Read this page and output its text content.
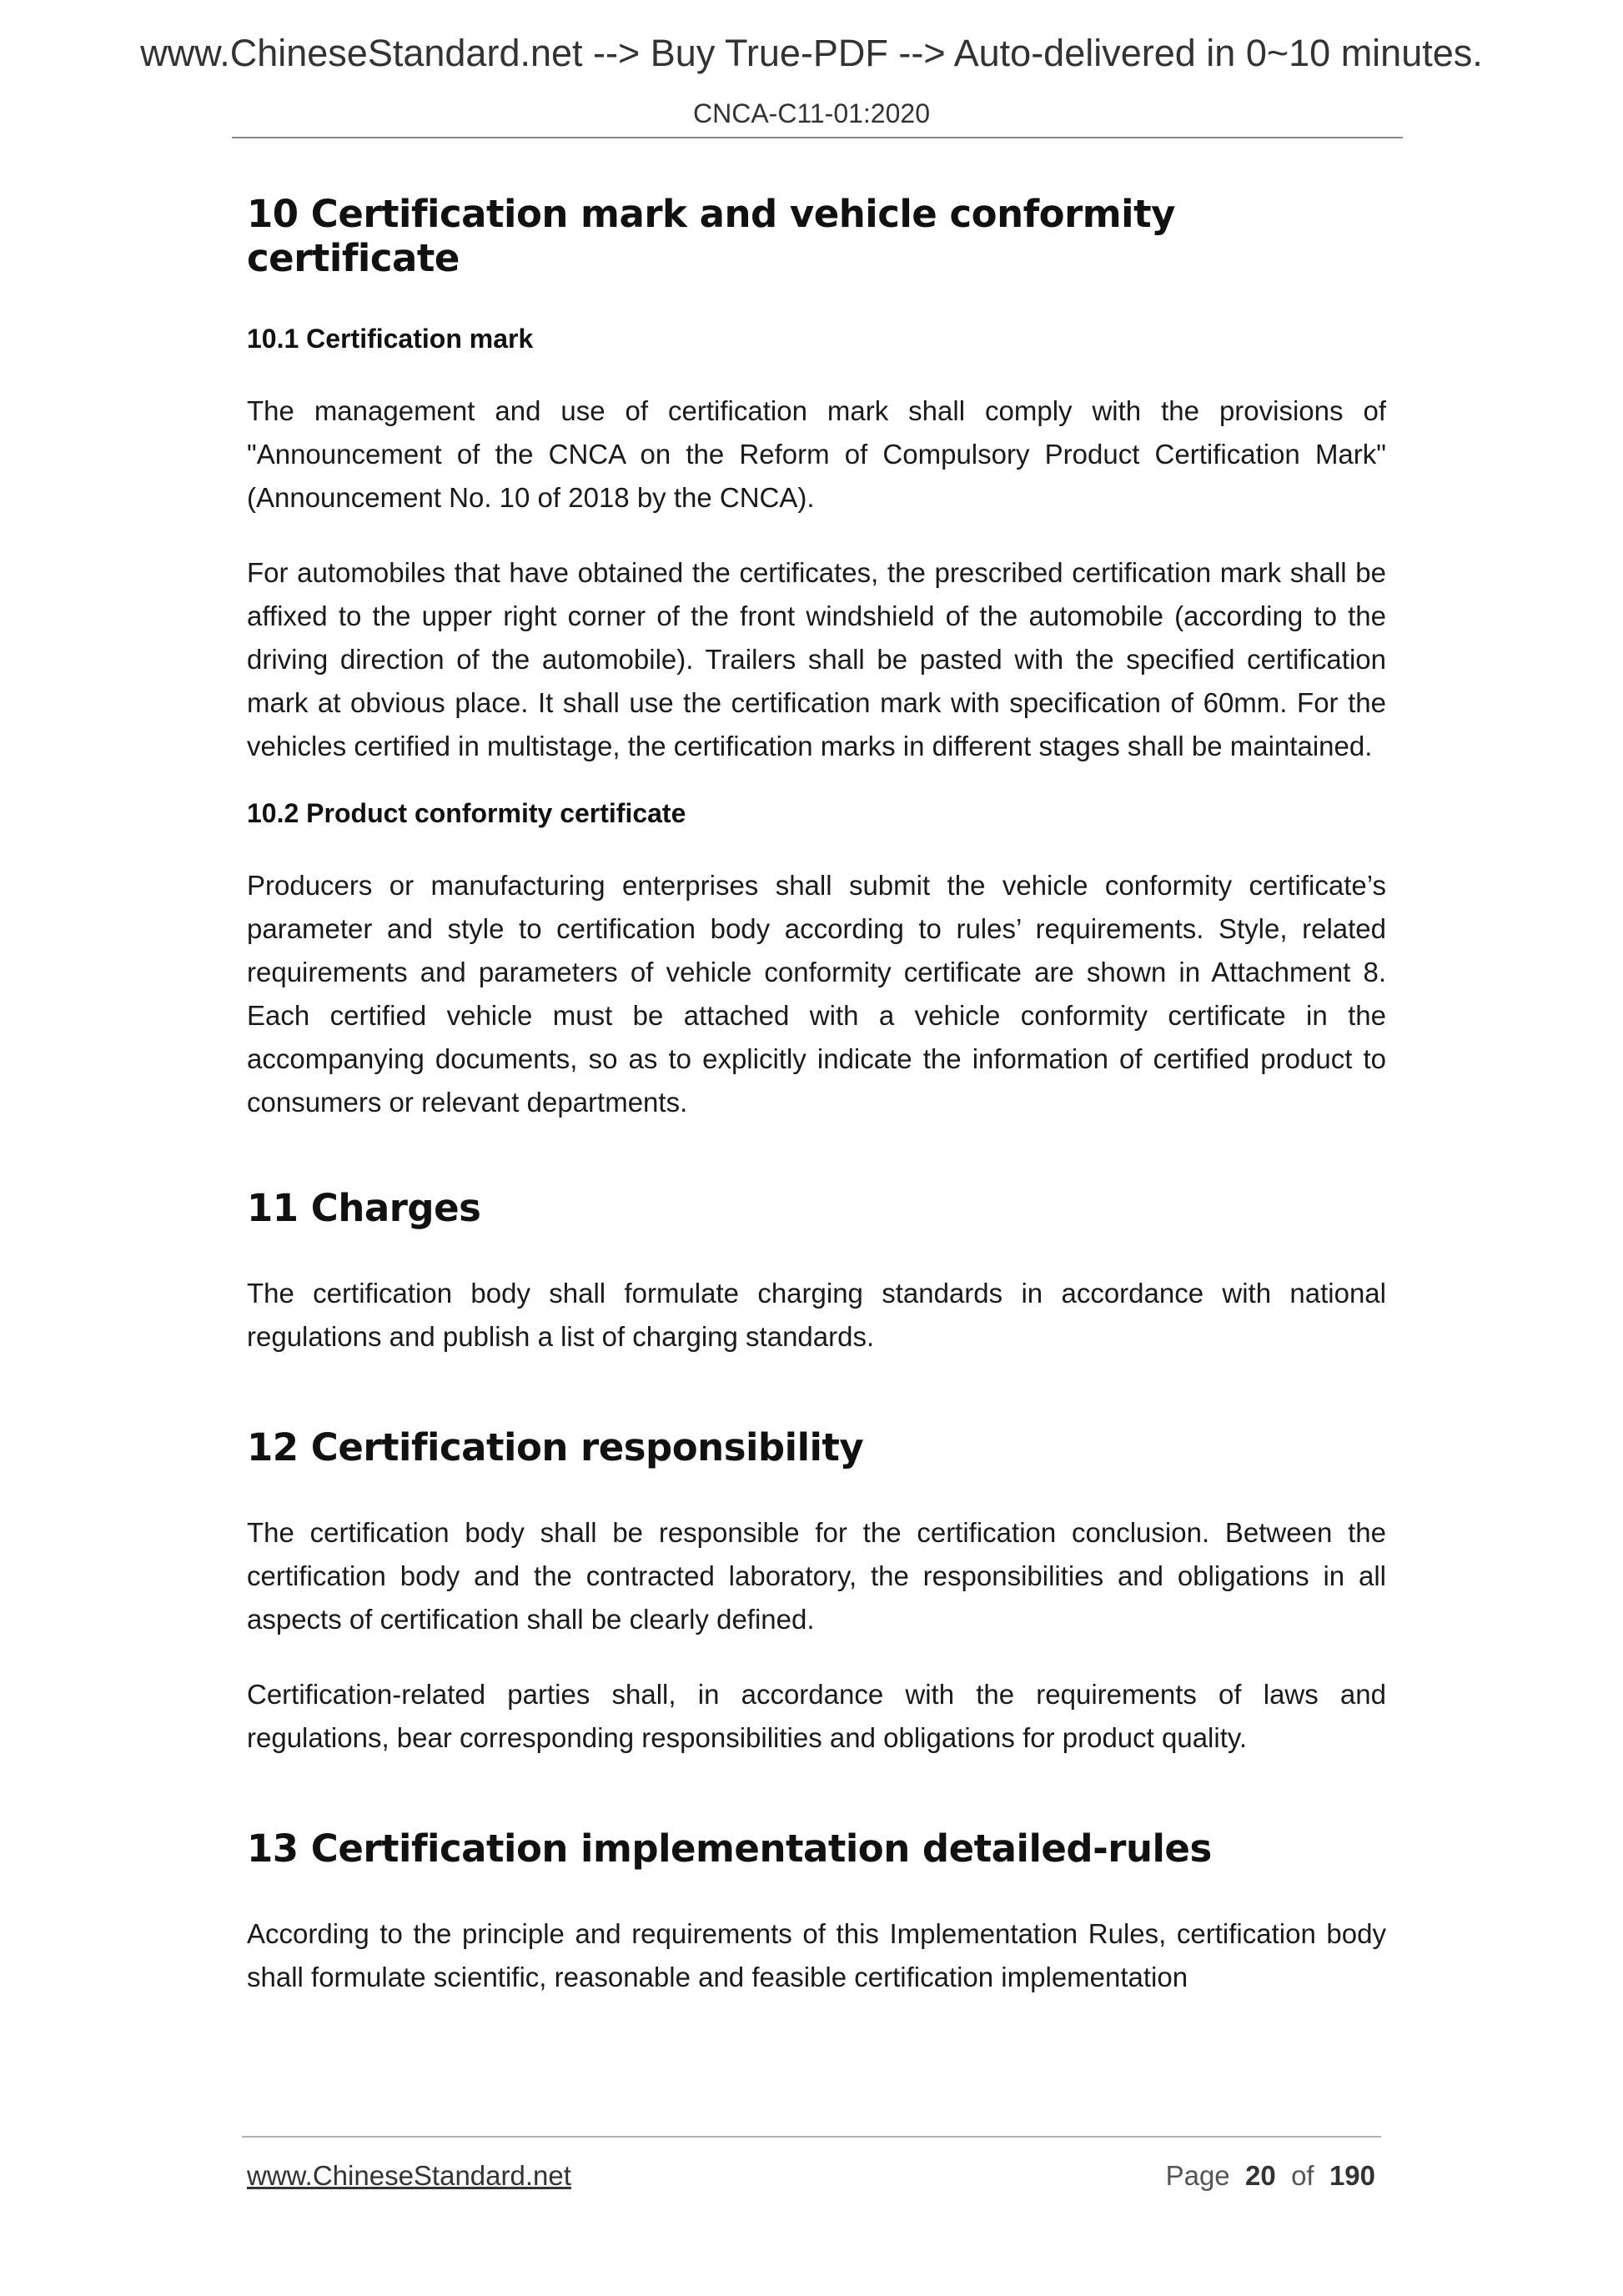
www.ChineseStandard.net --> Buy True-PDF --> Auto-delivered in 0~10 minutes.
CNCA-C11-01:2020
10 Certification mark and vehicle conformity certificate
10.1 Certification mark

The management and use of certification mark shall comply with the provisions of "Announcement of the CNCA on the Reform of Compulsory Product Certification Mark" (Announcement No. 10 of 2018 by the CNCA).

For automobiles that have obtained the certificates, the prescribed certification mark shall be affixed to the upper right corner of the front windshield of the automobile (according to the driving direction of the automobile). Trailers shall be pasted with the specified certification mark at obvious place. It shall use the certification mark with specification of 60mm. For the vehicles certified in multistage, the certification marks in different stages shall be maintained.

10.2 Product conformity certificate

Producers or manufacturing enterprises shall submit the vehicle conformity certificate’s parameter and style to certification body according to rules’ requirements. Style, related requirements and parameters of vehicle conformity certificate are shown in Attachment 8. Each certified vehicle must be attached with a vehicle conformity certificate in the accompanying documents, so as to explicitly indicate the information of certified product to consumers or relevant departments.

11 Charges

The certification body shall formulate charging standards in accordance with national regulations and publish a list of charging standards.

12 Certification responsibility

The certification body shall be responsible for the certification conclusion. Between the certification body and the contracted laboratory, the responsibilities and obligations in all aspects of certification shall be clearly defined.

Certification-related parties shall, in accordance with the requirements of laws and regulations, bear corresponding responsibilities and obligations for product quality.

13 Certification implementation detailed-rules

According to the principle and requirements of this Implementation Rules, certification body shall formulate scientific, reasonable and feasible certification implementation

www.ChineseStandard.net	Page 20 of 190
